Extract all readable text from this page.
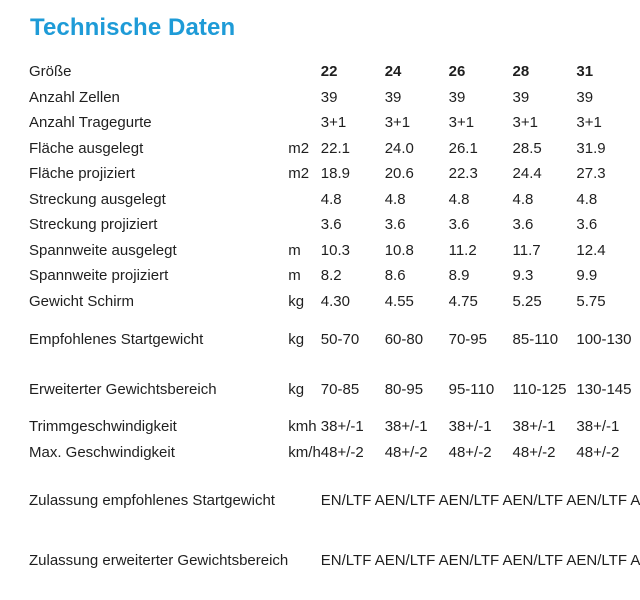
Technische Daten
Größe		22	24	26	28	31
Anzahl Zellen		39	39	39	39	39
Anzahl Tragegurte		3+1	3+1	3+1	3+1	3+1
Fläche ausgelegt	m2	22.1	24.0	26.1	28.5	31.9
Fläche projiziert	m2	18.9	20.6	22.3	24.4	27.3
Streckung ausgelegt		4.8	4.8	4.8	4.8	4.8
Streckung projiziert		3.6	3.6	3.6	3.6	3.6
Spannweite ausgelegt	m	10.3	10.8	11.2	11.7	12.4
Spannweite projiziert	m	8.2	8.6	8.9	9.3	9.9
Gewicht Schirm	kg	4.30	4.55	4.75	5.25	5.75
Empfohlenes Startgewicht	kg	50-70	60-80	70-95	85-110	100-130
Erweiterter Gewichtsbereich	kg	70-85	80-95	95-110	110-125	130-145
Trimmgeschwindigkeit	kmh	38+/-1	38+/-1	38+/-1	38+/-1	38+/-1
Max. Geschwindigkeit	km/h	48+/-2	48+/-2	48+/-2	48+/-2	48+/-2
Zulassung empfohlenes Startgewicht		EN/LTF A	EN/LTF A	EN/LTF A	EN/LTF A	EN/LTF A
Zulassung erweiterter Gewichtsbereich		EN/LTF A	EN/LTF A	EN/LTF A	EN/LTF A	EN/LTF A
